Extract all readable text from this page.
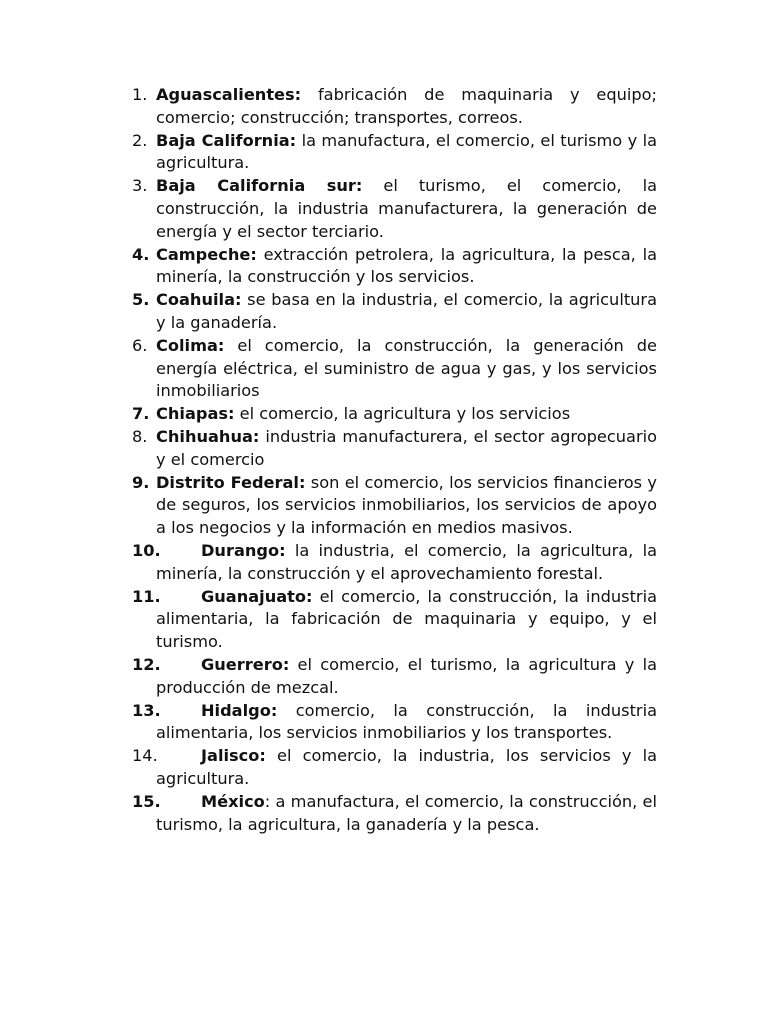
1. Aguascalientes: fabricación de maquinaria y equipo; comercio; construcción; transportes, correos.
2. Baja California: la manufactura, el comercio, el turismo y la agricultura.
3. Baja California sur: el turismo, el comercio, la construcción, la industria manufacturera, la generación de energía y el sector terciario.
4. Campeche: extracción petrolera, la agricultura, la pesca, la minería, la construcción y los servicios.
5. Coahuila: se basa en la industria, el comercio, la agricultura y la ganadería.
6. Colima: el comercio, la construcción, la generación de energía eléctrica, el suministro de agua y gas, y los servicios inmobiliarios
7. Chiapas: el comercio, la agricultura y los servicios
8. Chihuahua: industria manufacturera, el sector agropecuario y el comercio
9. Distrito Federal: son el comercio, los servicios financieros y de seguros, los servicios inmobiliarios, los servicios de apoyo a los negocios y la información en medios masivos.
10.	Durango: la industria, el comercio, la agricultura, la minería, la construcción y el aprovechamiento forestal.
11.	Guanajuato: el comercio, la construcción, la industria alimentaria, la fabricación de maquinaria y equipo, y el turismo.
12.	Guerrero: el comercio, el turismo, la agricultura y la producción de mezcal.
13.	Hidalgo: comercio, la construcción, la industria alimentaria, los servicios inmobiliarios y los transportes.
14.	Jalisco: el comercio, la industria, los servicios y la agricultura.
15.	México: a manufactura, el comercio, la construcción, el turismo, la agricultura, la ganadería y la pesca.
